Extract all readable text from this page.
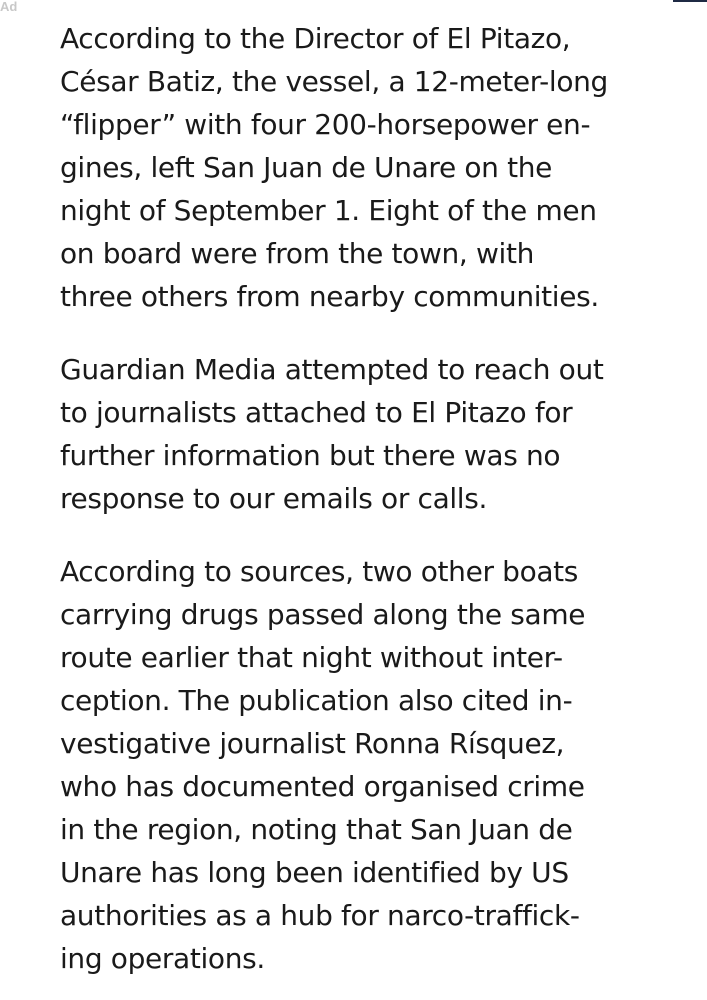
Ad

According to the Director of El Pitazo,
César Batiz, the vessel, a 12-meter-long
“flipper” with four 200-horsepower en-
gines, left San Juan de Unare on the
night of September 1. Eight of the men
on board were from the town, with
three others from nearby communities.

Guardian Media attempted to reach out
to journalists attached to El Pitazo for
further information but there was no
response to our emails or calls.

According to sources, two other boats
carrying drugs passed along the same
route earlier that night without inter-
ception. The publication also cited in-
vestigative journalist Ronna Rísquez,
who has documented organised crime
in the region, noting that San Juan de
Unare has long been identified by US
authorities as a hub for narco-traffick-
ing operations.
